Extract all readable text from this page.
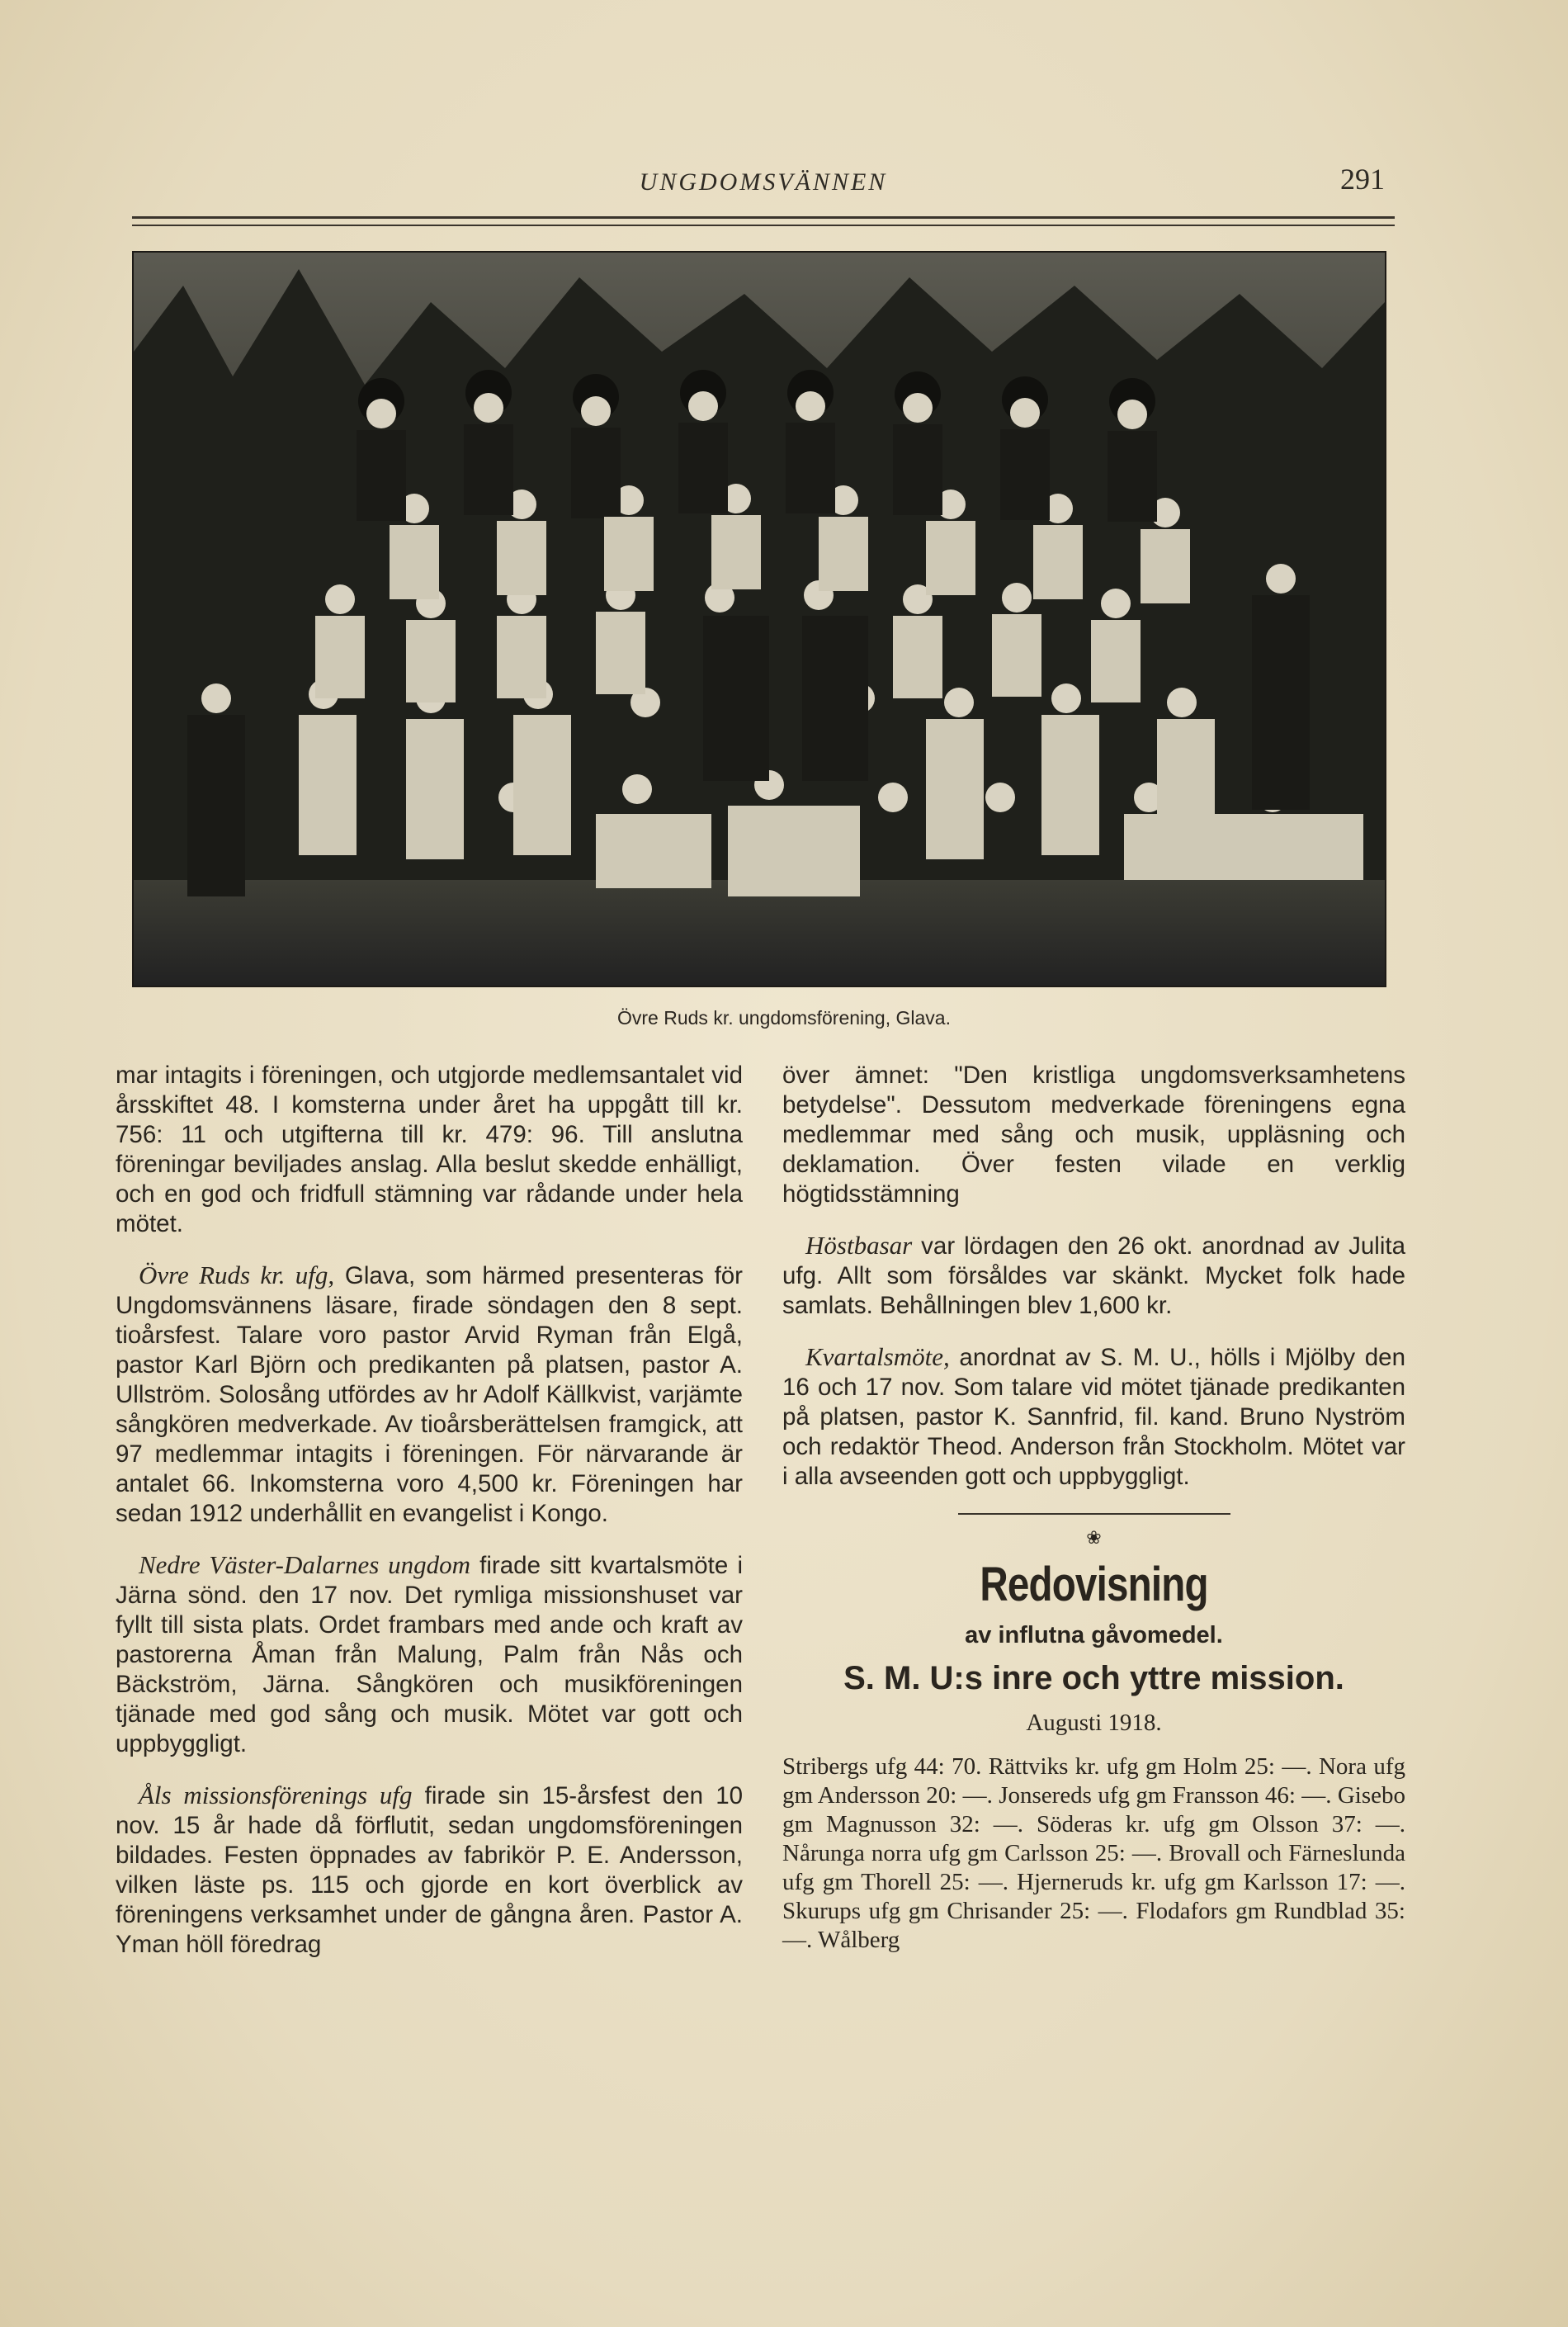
UNGDOMSVÄNNEN	291
Övre Ruds kr. ungdomsförening, Glava.

mar intagits i föreningen, och utgjorde medlemsantalet vid årsskiftet 48. I komsterna under året ha uppgått till kr. 756: 11 och utgifterna till kr. 479: 96. Till anslutna föreningar beviljades anslag. Alla beslut skedde enhälligt, och en god och fridfull stämning var rådande under hela mötet.

Övre Ruds kr. ufg, Glava, som härmed presenteras för Ungdomsvännens läsare, firade söndagen den 8 sept. tioårsfest. Talare voro pastor Arvid Ryman från Elgå, pastor Karl Björn och predikanten på platsen, pastor A. Ullström. Solosång utfördes av hr Adolf Källkvist, varjämte sångkören medverkade. Av tioårsberättelsen framgick, att 97 medlemmar intagits i föreningen. För närvarande är antalet 66. Inkomsterna voro 4,500 kr. Föreningen har sedan 1912 underhållit en evangelist i Kongo.

Nedre Väster-Dalarnes ungdom firade sitt kvartalsmöte i Järna sönd. den 17 nov. Det rymliga missionshuset var fyllt till sista plats. Ordet frambars med ande och kraft av pastorerna Åman från Malung, Palm från Nås och Bäckström, Järna. Sångkören och musikföreningen tjänade med god sång och musik. Mötet var gott och uppbyggligt.

Åls missionsförenings ufg firade sin 15-årsfest den 10 nov. 15 år hade då förflutit, sedan ungdomsföreningen bildades. Festen öppnades av fabrikör P. E. Andersson, vilken läste ps. 115 och gjorde en kort överblick av föreningens verksamhet under de gångna åren. Pastor A. Yman höll föredrag

över ämnet: "Den kristliga ungdomsverksamhetens betydelse". Dessutom medverkade föreningens egna medlemmar med sång och musik, uppläsning och deklamation. Över festen vilade en verklig högtidsstämning

Höstbasar var lördagen den 26 okt. anordnad av Julita ufg. Allt som försåldes var skänkt. Mycket folk hade samlats. Behållningen blev 1,600 kr.

Kvartalsmöte, anordnat av S. M. U., hölls i Mjölby den 16 och 17 nov. Som talare vid mötet tjänade predikanten på platsen, pastor K. Sannfrid, fil. kand. Bruno Nyström och redaktör Theod. Anderson från Stockholm. Mötet var i alla avseenden gott och uppbyggligt.

❀
Redovisning
av influtna gåvomedel.
S. M. U:s inre och yttre mission.
Augusti 1918.
Stribergs ufg 44: 70. Rättviks kr. ufg gm Holm 25: —. Nora ufg gm Andersson 20: —. Jonsereds ufg gm Fransson 46: —. Gisebo gm Magnusson 32: —. Söderas kr. ufg gm Olsson 37: —. Nårunga norra ufg gm Carlsson 25: —. Brovall och Färneslunda ufg gm Thorell 25: —. Hjerneruds kr. ufg gm Karlsson 17: —. Skurups ufg gm Chrisander 25: —. Flodafors gm Rundblad 35: —. Wålberg
